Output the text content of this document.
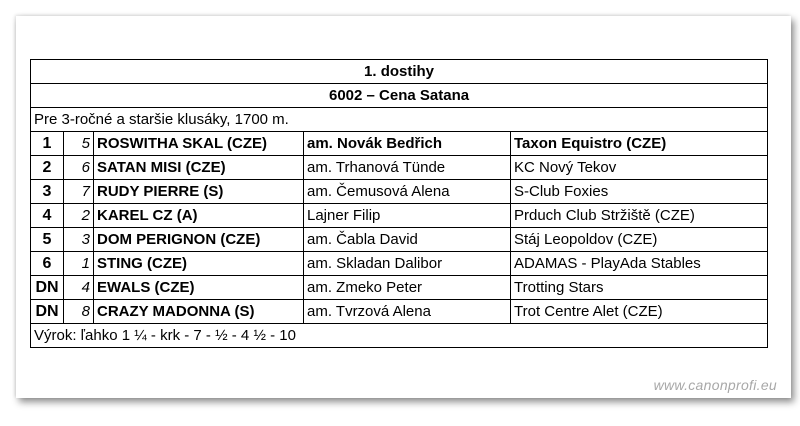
1. dostihy				
6002 – Cena Satana				
Pre 3-ročné a staršie klusáky, 1700 m.				
1	5	ROSWITHA SKAL (CZE)	am. Novák Bedřich	Taxon Equistro (CZE)
2	6	SATAN MISI (CZE)	am. Trhanová Tünde	KC Nový Tekov
3	7	RUDY PIERRE (S)	am. Čemusová Alena	S-Club Foxies
4	2	KAREL CZ (A)	Lajner Filip	Prduch Club Stržiště (CZE)
5	3	DOM PERIGNON (CZE)	am. Čabla David	Stáj Leopoldov (CZE)
6	1	STING (CZE)	am. Skladan Dalibor	ADAMAS - PlayAda Stables
DN	4	EWALS (CZE)	am. Zmeko Peter	Trotting Stars
DN	8	CRAZY MADONNA (S)	am. Tvrzová Alena	Trot Centre Alet (CZE)
Výrok: ľahko 1 ¼ - krk - 7 - ½ - 4 ½ - 10				
www.canonprofi.eu
